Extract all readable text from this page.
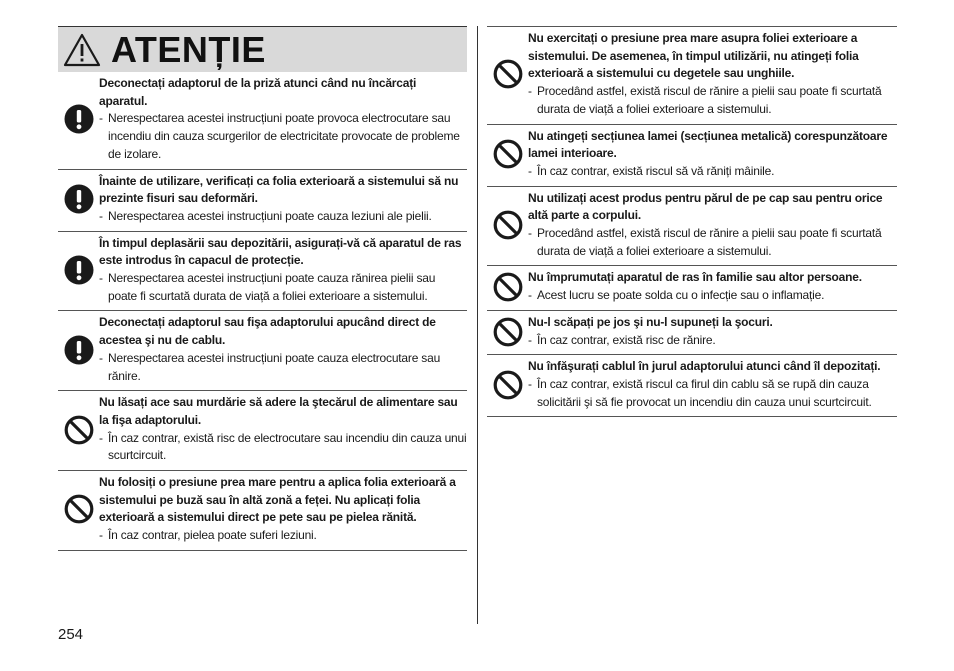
ATENȚIE
Deconectați adaptorul de la priză atunci când nu încărcați aparatul.
- Nerespectarea acestei instrucțiuni poate provoca electrocutare sau incendiu din cauza scurgerilor de electricitate provocate de probleme de izolare.
Înainte de utilizare, verificați ca folia exterioară a sistemului să nu prezinte fisuri sau deformări.
- Nerespectarea acestei instrucțiuni poate cauza leziuni ale pielii.
În timpul deplasării sau depozitării, asigurați-vă că aparatul de ras este introdus în capacul de protecție.
- Nerespectarea acestei instrucțiuni poate cauza rănirea pielii sau poate fi scurtată durata de viață a foliei exterioare a sistemului.
Deconectați adaptorul sau fişa adaptorului apucând direct de acestea şi nu de cablu.
- Nerespectarea acestei instrucțiuni poate cauza electrocutare sau rănire.
Nu lăsați ace sau murdărie să adere la ştecărul de alimentare sau la fişa adaptorului.
- În caz contrar, există risc de electrocutare sau incendiu din cauza unui scurtcircuit.
Nu folosiți o presiune prea mare pentru a aplica folia exterioară a sistemului pe buză sau în altă zonă a feței. Nu aplicați folia exterioară a sistemului direct pe pete sau pe pielea rănită.
- În caz contrar, pielea poate suferi leziuni.
Nu exercitați o presiune prea mare asupra foliei exterioare a sistemului. De asemenea, în timpul utilizării, nu atingeți folia exterioară a sistemului cu degetele sau unghiile.
- Procedând astfel, există riscul de rănire a pielii sau poate fi scurtată durata de viață a foliei exterioare a sistemului.
Nu atingeți secțiunea lamei (secțiunea metalică) corespunzătoare lamei interioare.
- În caz contrar, există riscul să vă răniți mâinile.
Nu utilizați acest produs pentru părul de pe cap sau pentru orice altă parte a corpului.
- Procedând astfel, există riscul de rănire a pielii sau poate fi scurtată durata de viață a foliei exterioare a sistemului.
Nu împrumutați aparatul de ras în familie sau altor persoane.
- Acest lucru se poate solda cu o infecție sau o inflamație.
Nu-l scăpați pe jos şi nu-l supuneți la şocuri.
- În caz contrar, există risc de rănire.
Nu înfăşurați cablul în jurul adaptorului atunci când îl depozitați.
- În caz contrar, există riscul ca firul din cablu să se rupă din cauza solicitării şi să fie provocat un incendiu din cauza unui scurtcircuit.
254
